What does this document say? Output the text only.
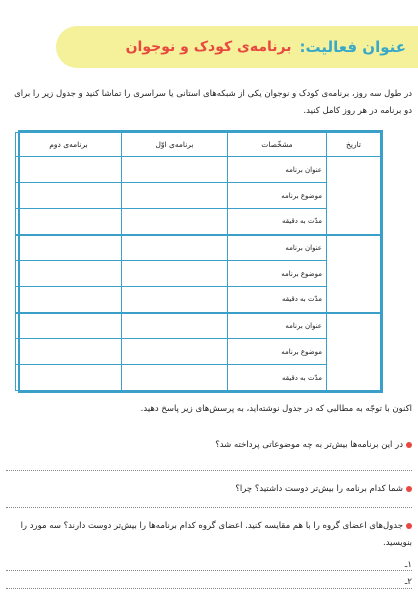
عنوان فعالیت:
برنامه‌ی کودک و نوجوان
در طول سه روز، برنامه‌ی کودک و نوجوان یکی از شبکه‌های استانی یا سراسری را تماشا کنید و جدول زیر را برای دو برنامه در هر روز کامل کنید.
تاریخ	مشخّصات	برنامه‌ی اوّل	برنامه‌ی دوم
	عنوان برنامه		
	موضوع برنامه		
	مدّت به دقیقه		
	عنوان برنامه		
	موضوع برنامه		
	مدّت به دقیقه		
	عنوان برنامه		
	موضوع برنامه		
	مدّت به دقیقه		
اکنون با توجّه به مطالبی که در جدول نوشته‌اید، به پرسش‌های زیر پاسخ دهید.
در این برنامه‌ها بیش‌تر به چه موضوعاتی پرداخته شد؟
شما کدام برنامه را بیش‌تر دوست داشتید؟ چرا؟
جدول‌های اعضای گروه را با هم مقایسه کنید. اعضای گروه کدام برنامه‌ها را بیش‌تر دوست دارند؟ سه مورد را بنویسید.
۱ـ
۲ـ
